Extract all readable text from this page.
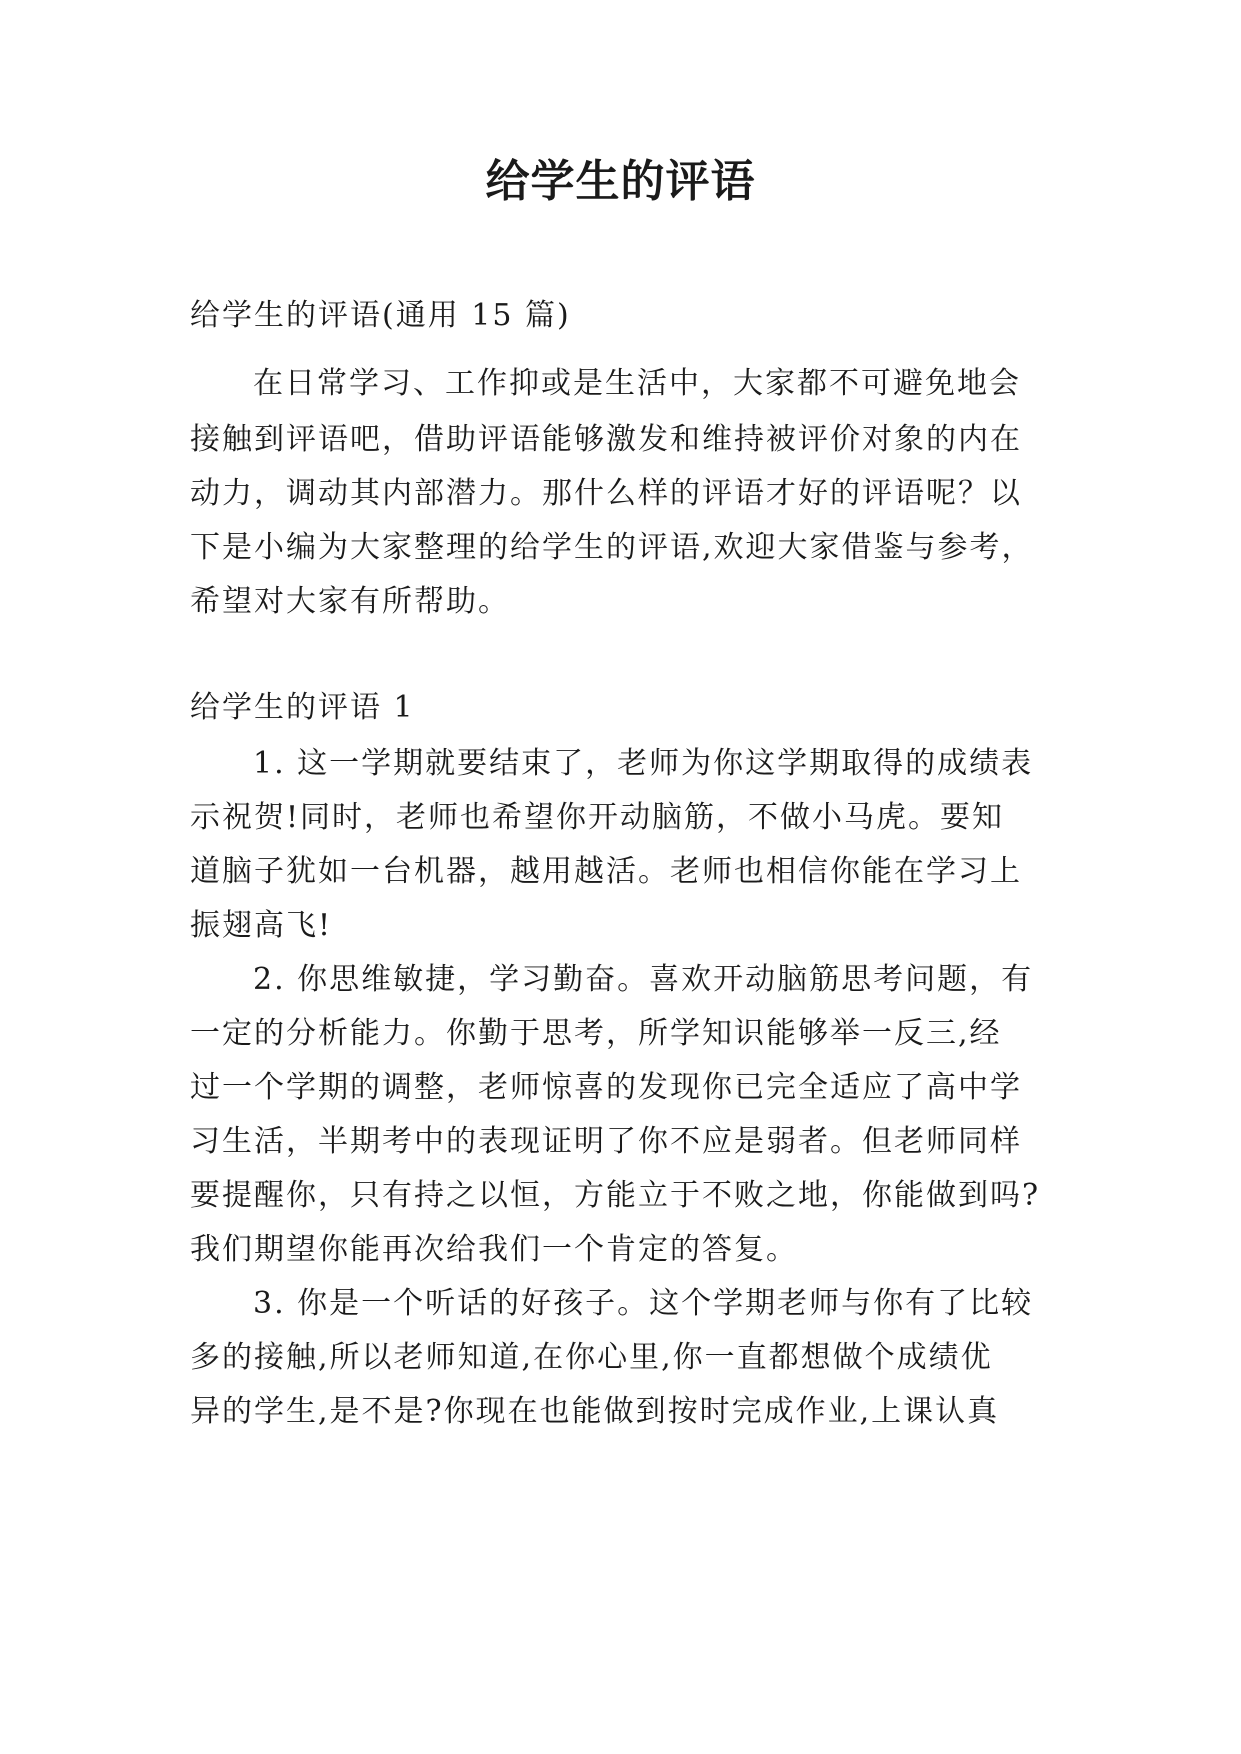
给学生的评语

给学生的评语(通用 15 篇)

在日常学习、工作抑或是生活中，大家都不可避免地会

接触到评语吧，借助评语能够激发和维持被评价对象的内在

动力，调动其内部潜力。那什么样的评语才好的评语呢？以

下是小编为大家整理的给学生的评语,欢迎大家借鉴与参考，

希望对大家有所帮助。

给学生的评语 1

1. 这一学期就要结束了，老师为你这学期取得的成绩表

示祝贺!同时，老师也希望你开动脑筋，不做小马虎。要知

道脑子犹如一台机器，越用越活。老师也相信你能在学习上

振翅高飞!

2. 你思维敏捷，学习勤奋。喜欢开动脑筋思考问题，有

一定的分析能力。你勤于思考，所学知识能够举一反三,经

过一个学期的调整，老师惊喜的发现你已完全适应了高中学

习生活，半期考中的表现证明了你不应是弱者。但老师同样

要提醒你，只有持之以恒，方能立于不败之地，你能做到吗?

我们期望你能再次给我们一个肯定的答复。

3. 你是一个听话的好孩子。这个学期老师与你有了比较

多的接触,所以老师知道,在你心里,你一直都想做个成绩优

异的学生,是不是?你现在也能做到按时完成作业,上课认真
